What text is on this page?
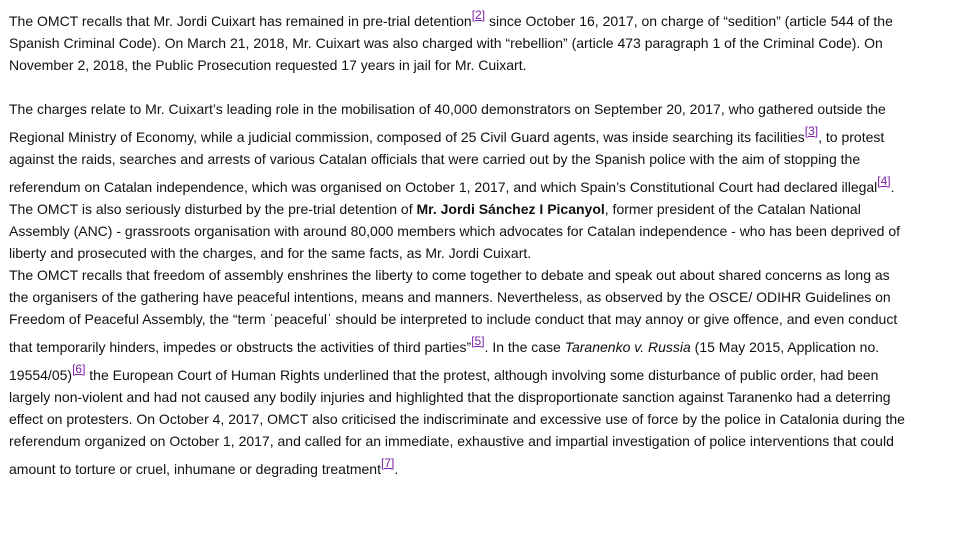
The OMCT recalls that Mr. Jordi Cuixart has remained in pre-trial detention[2] since October 16, 2017, on charge of “sedition” (article 544 of the
Spanish Criminal Code). On March 21, 2018, Mr. Cuixart was also charged with “rebellion” (article 473 paragraph 1 of the Criminal Code). On
November 2, 2018, the Public Prosecution requested 17 years in jail for Mr. Cuixart.

The charges relate to Mr. Cuixart’s leading role in the mobilisation of 40,000 demonstrators on September 20, 2017, who gathered outside the
Regional Ministry of Economy, while a judicial commission, composed of 25 Civil Guard agents, was inside searching its facilities[3], to protest
against the raids, searches and arrests of various Catalan officials that were carried out by the Spanish police with the aim of stopping the
referendum on Catalan independence, which was organised on October 1, 2017, and which Spain’s Constitutional Court had declared illegal[4].

The OMCT is also seriously disturbed by the pre-trial detention of Mr. Jordi Sánchez I Picanyol, former president of the Catalan National
Assembly (ANC) - grassroots organisation with around 80,000 members which advocates for Catalan independence - who has been deprived of
liberty and prosecuted with the charges, and for the same facts, as Mr. Jordi Cuixart.

The OMCT recalls that freedom of assembly enshrines the liberty to come together to debate and speak out about shared concerns as long as
the organisers of the gathering have peaceful intentions, means and manners. Nevertheless, as observed by the OSCE/ ODIHR Guidelines on
Freedom of Peaceful Assembly, the “term ˈpeacefulˈ should be interpreted to include conduct that may annoy or give offence, and even conduct
that temporarily hinders, impedes or obstructs the activities of third parties”[5]. In the case Taranenko v. Russia (15 May 2015, Application no.
19554/05)[6] the European Court of Human Rights underlined that the protest, although involving some disturbance of public order, had been
largely non-violent and had not caused any bodily injuries and highlighted that the disproportionate sanction against Taranenko had a deterring
effect on protesters. On October 4, 2017, OMCT also criticised the indiscriminate and excessive use of force by the police in Catalonia during the
referendum organized on October 1, 2017, and called for an immediate, exhaustive and impartial investigation of police interventions that could
amount to torture or cruel, inhumane or degrading treatment[7].
